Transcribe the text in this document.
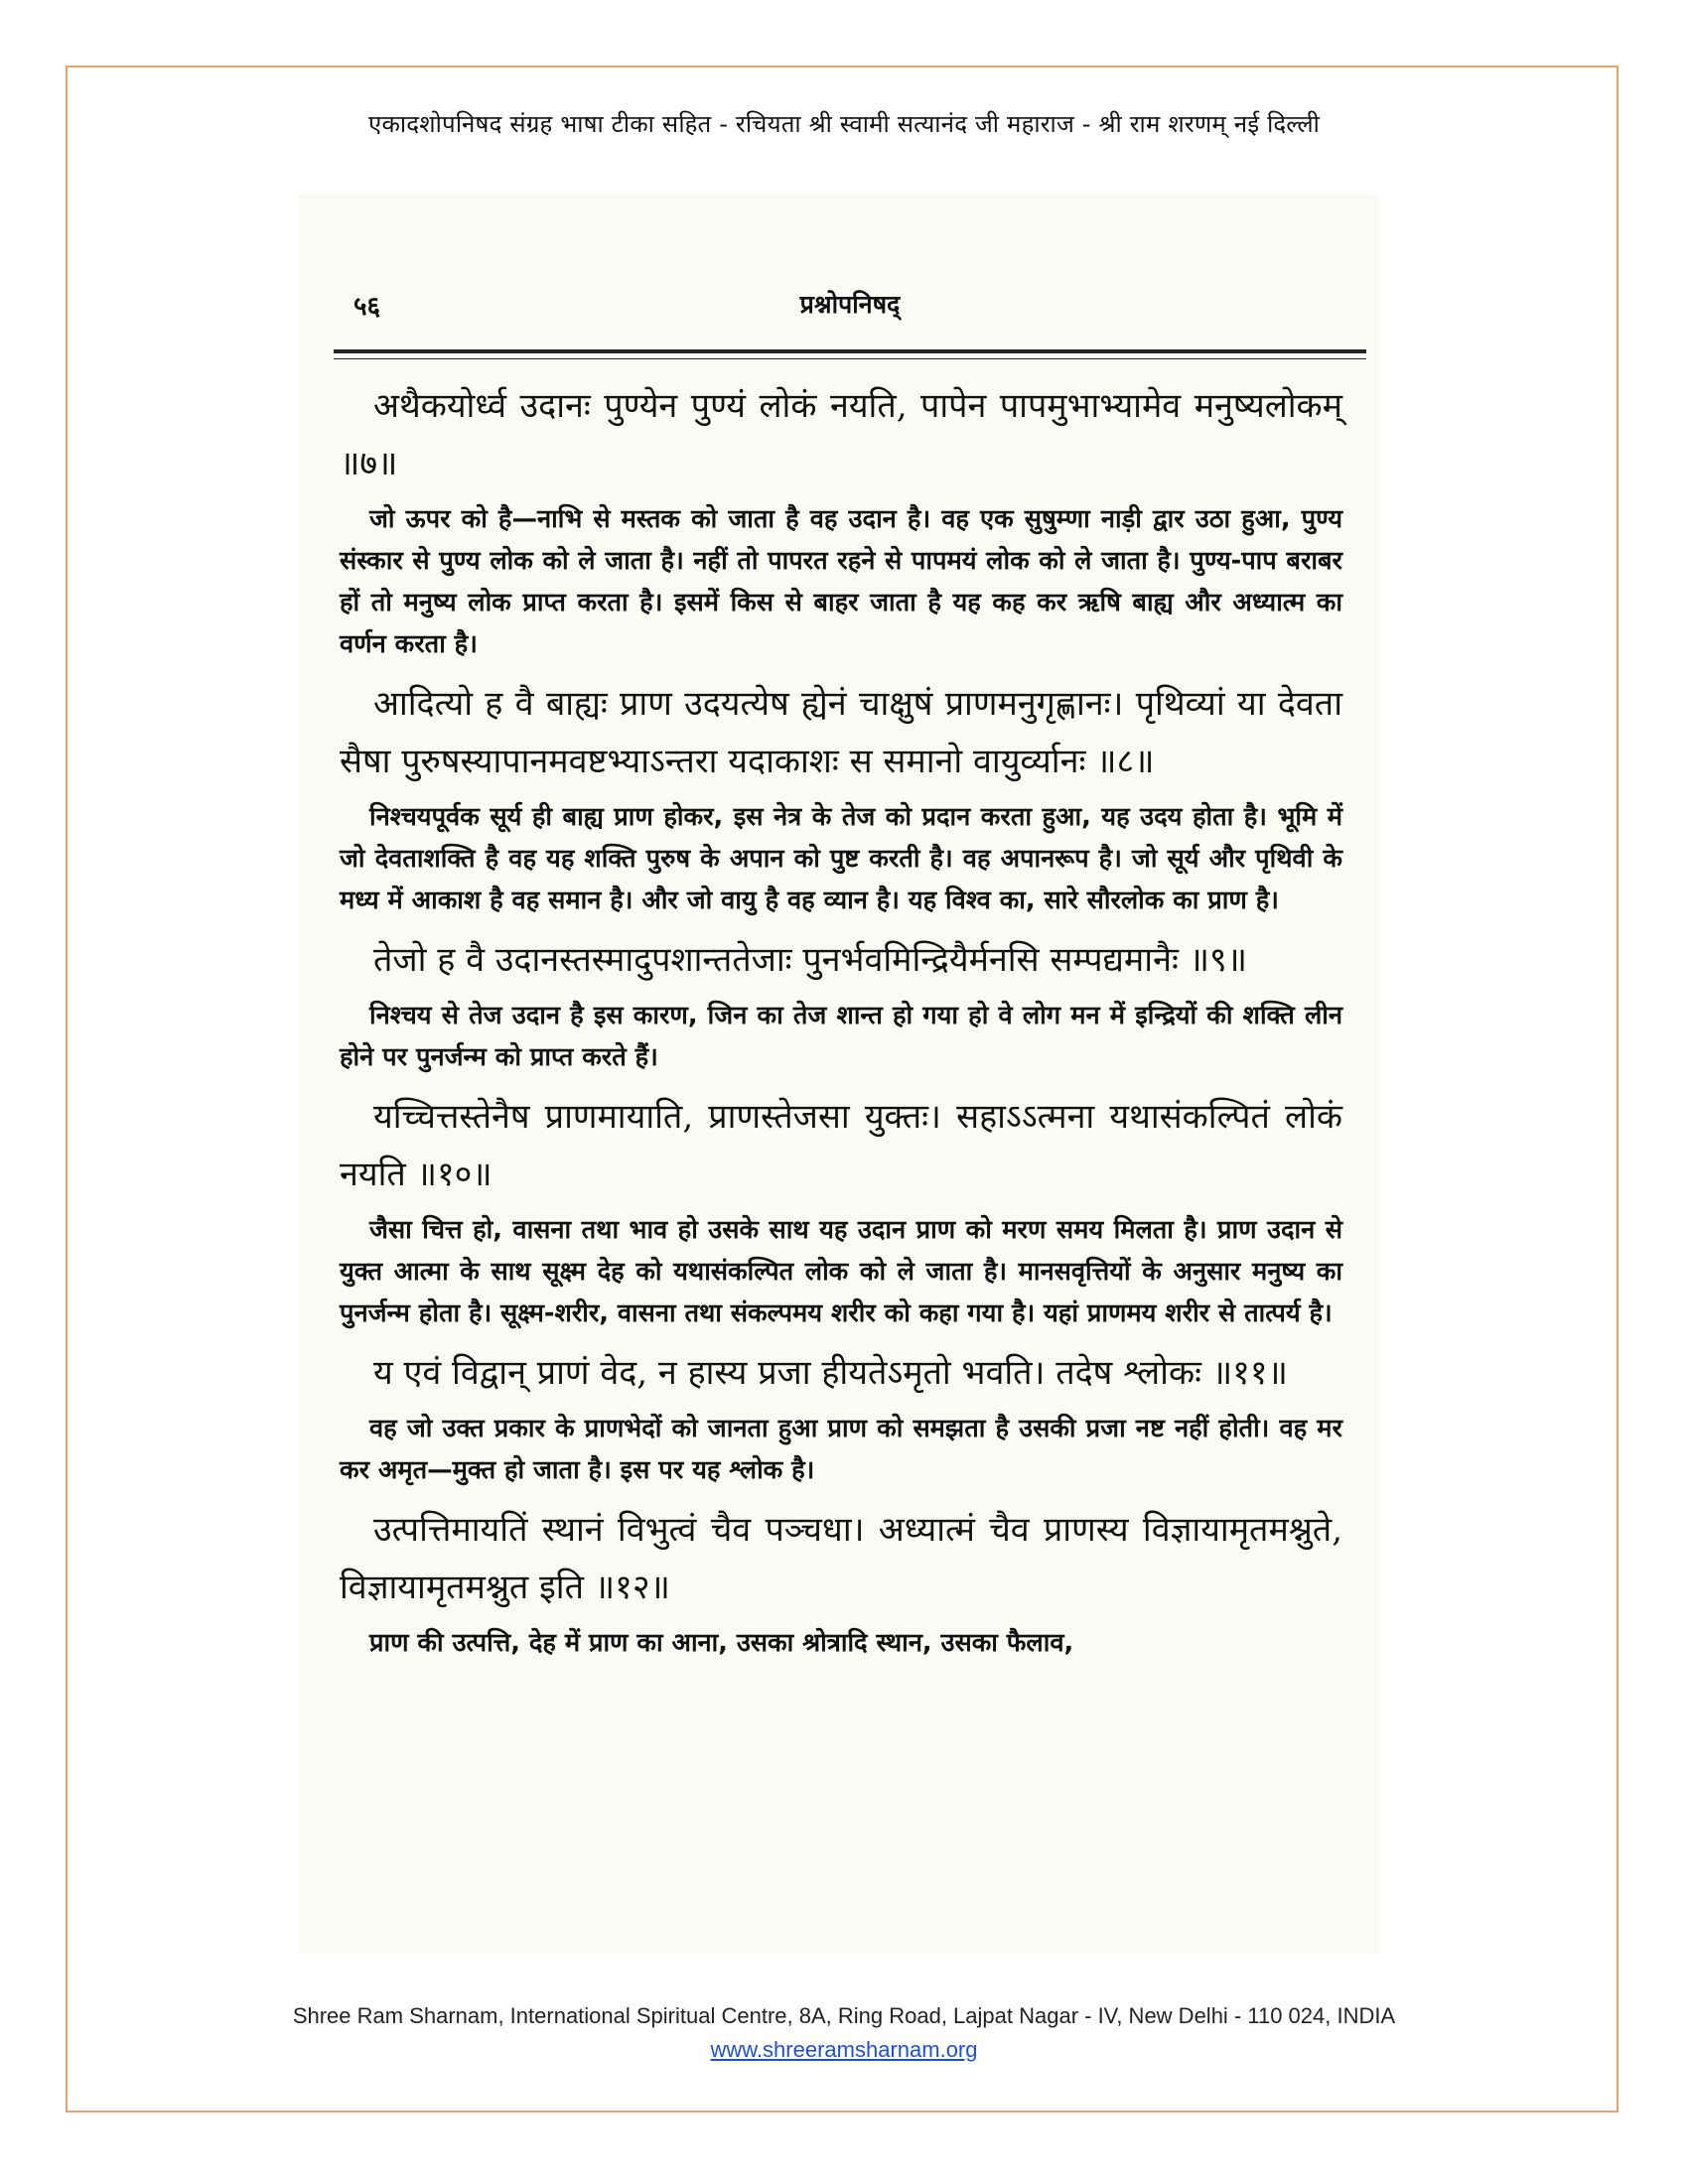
एकादशोपनिषद संग्रह भाषा टीका सहित - रचियता श्री स्वामी सत्यानंद जी महाराज - श्री राम शरणम् नई दिल्ली
५६	प्रश्नोपनिषद्

अथैकयोर्ध्व उदानः पुण्येन पुण्यं लोकं नयति, पापेन पापमुभाभ्यामेव मनुष्यलोकम् ॥७॥

जो ऊपर को है—नाभि से मस्तक को जाता है वह उदान है। वह एक सुषुम्णा नाड़ी द्वार उठा हुआ, पुण्य संस्कार से पुण्य लोक को ले जाता है। नहीं तो पापरत रहने से पापमयं लोक को ले जाता है। पुण्य-पाप बराबर हों तो मनुष्य लोक प्राप्त करता है। इसमें किस से बाहर जाता है यह कह कर ऋषि बाह्य और अध्यात्म का वर्णन करता है।

आदित्यो ह वै बाह्यः प्राण उदयत्येष ह्येनं चाक्षुषं प्राणमनुगृह्णानः। पृथिव्यां या देवता सैषा पुरुषस्यापानमवष्टभ्याऽन्तरा यदाकाशः स समानो वायुर्व्यानः ॥८॥

निश्चयपूर्वक सूर्य ही बाह्य प्राण होकर, इस नेत्र के तेज को प्रदान करता हुआ, यह उदय होता है। भूमि में जो देवताशक्ति है वह यह शक्ति पुरुष के अपान को पुष्ट करती है। वह अपानरूप है। जो सूर्य और पृथिवी के मध्य में आकाश है वह समान है। और जो वायु है वह व्यान है। यह विश्व का, सारे सौरलोक का प्राण है।

तेजो ह वै उदानस्तस्मादुपशान्ततेजाः पुनर्भवमिन्द्रियैर्मनसि सम्पद्यमानैः ॥९॥

निश्चय से तेज उदान है इस कारण, जिन का तेज शान्त हो गया हो वे लोग मन में इन्द्रियों की शक्ति लीन होने पर पुनर्जन्म को प्राप्त करते हैं।

यच्चित्तस्तेनैष प्राणमायाति, प्राणस्तेजसा युक्तः। सहाऽऽत्मना यथासंकल्पितं लोकं नयति ॥१०॥

जैसा चित्त हो, वासना तथा भाव हो उसके साथ यह उदान प्राण को मरण समय मिलता है। प्राण उदान से युक्त आत्मा के साथ सूक्ष्म देह को यथासंकल्पित लोक को ले जाता है। मानसवृत्तियों के अनुसार मनुष्य का पुनर्जन्म होता है। सूक्ष्म-शरीर, वासना तथा संकल्पमय शरीर को कहा गया है। यहां प्राणमय शरीर से तात्पर्य है।

य एवं विद्वान् प्राणं वेद, न हास्य प्रजा हीयतेऽमृतो भवति। तदेष श्लोकः ॥११॥

वह जो उक्त प्रकार के प्राणभेदों को जानता हुआ प्राण को समझता है उसकी प्रजा नष्ट नहीं होती। वह मर कर अमृत—मुक्त हो जाता है। इस पर यह श्लोक है।

उत्पत्तिमायतिं स्थानं विभुत्वं चैव पञ्चधा। अध्यात्मं चैव प्राणस्य विज्ञायामृतमश्नुते, विज्ञायामृतमश्नुत इति ॥१२॥

प्राण की उत्पत्ति, देह में प्राण का आना, उसका श्रोत्रादि स्थान, उसका फैलाव,

Shree Ram Sharnam, International Spiritual Centre, 8A, Ring Road, Lajpat Nagar - IV, New Delhi - 110 024, INDIA
www.shreeramsharnam.org
